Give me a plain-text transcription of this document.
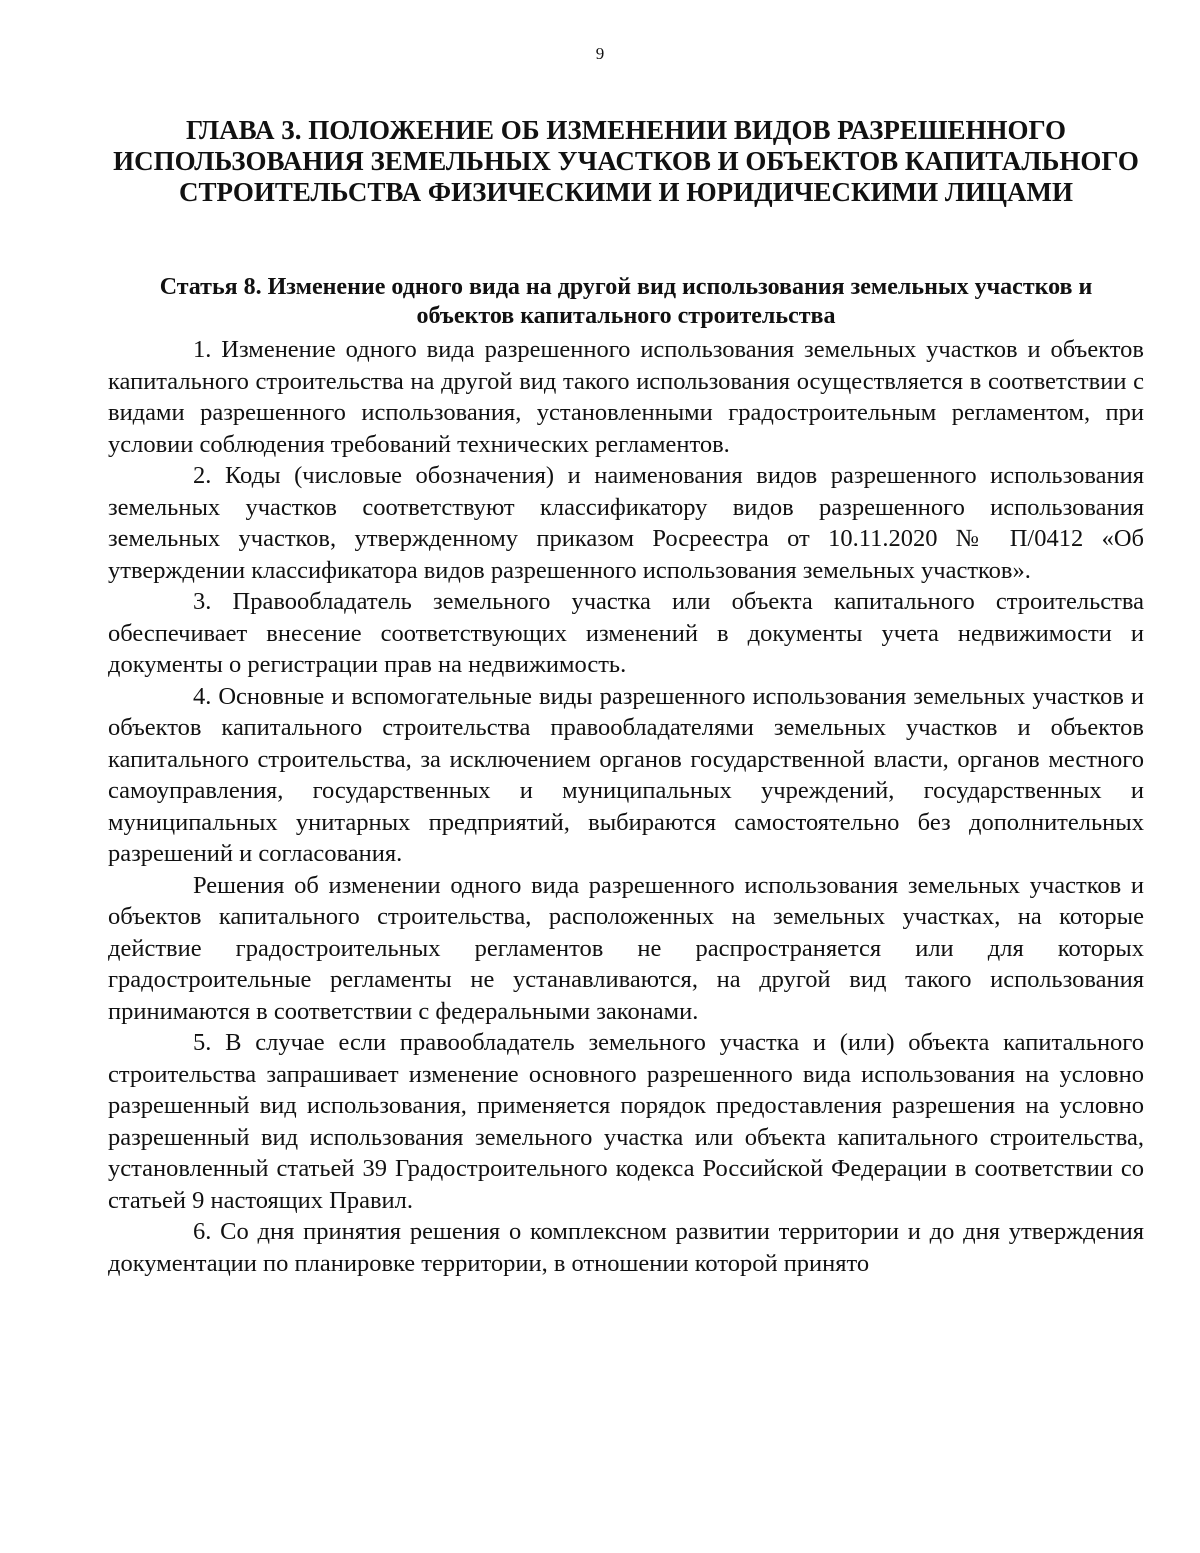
9
ГЛАВА 3. ПОЛОЖЕНИЕ ОБ ИЗМЕНЕНИИ ВИДОВ РАЗРЕШЕННОГО ИСПОЛЬЗОВАНИЯ ЗЕМЕЛЬНЫХ УЧАСТКОВ И ОБЪЕКТОВ КАПИТАЛЬНОГО СТРОИТЕЛЬСТВА ФИЗИЧЕСКИМИ И ЮРИДИЧЕСКИМИ ЛИЦАМИ
Статья 8. Изменение одного вида на другой вид использования земельных участков и объектов капитального строительства

1. Изменение одного вида разрешенного использования земельных участков и объектов капитального строительства на другой вид такого использования осуществляется в соответствии с видами разрешенного использования, установленными градостроительным регламентом, при условии соблюдения требований технических регламентов.

2. Коды (числовые обозначения) и наименования видов разрешенного использования земельных участков соответствуют классификатору видов разрешенного использования земельных участков, утвержденному приказом Росреестра от 10.11.2020 № П/0412 «Об утверждении классификатора видов разрешенного использования земельных участков».

3. Правообладатель земельного участка или объекта капитального строительства обеспечивает внесение соответствующих изменений в документы учета недвижимости и документы о регистрации прав на недвижимость.

4. Основные и вспомогательные виды разрешенного использования земельных участков и объектов капитального строительства правообладателями земельных участков и объектов капитального строительства, за исключением органов государственной власти, органов местного самоуправления, государственных и муниципальных учреждений, государственных и муниципальных унитарных предприятий, выбираются самостоятельно без дополнительных разрешений и согласования.

Решения об изменении одного вида разрешенного использования земельных участков и объектов капитального строительства, расположенных на земельных участках, на которые действие градостроительных регламентов не распространяется или для которых градостроительные регламенты не устанавливаются, на другой вид такого использования принимаются в соответствии с федеральными законами.

5. В случае если правообладатель земельного участка и (или) объекта капитального строительства запрашивает изменение основного разрешенного вида использования на условно разрешенный вид использования, применяется порядок предоставления разрешения на условно разрешенный вид использования земельного участка или объекта капитального строительства, установленный статьей 39 Градостроительного кодекса Российской Федерации в соответствии со статьей 9 настоящих Правил.

6. Со дня принятия решения о комплексном развитии территории и до дня утверждения документации по планировке территории, в отношении которой принято
